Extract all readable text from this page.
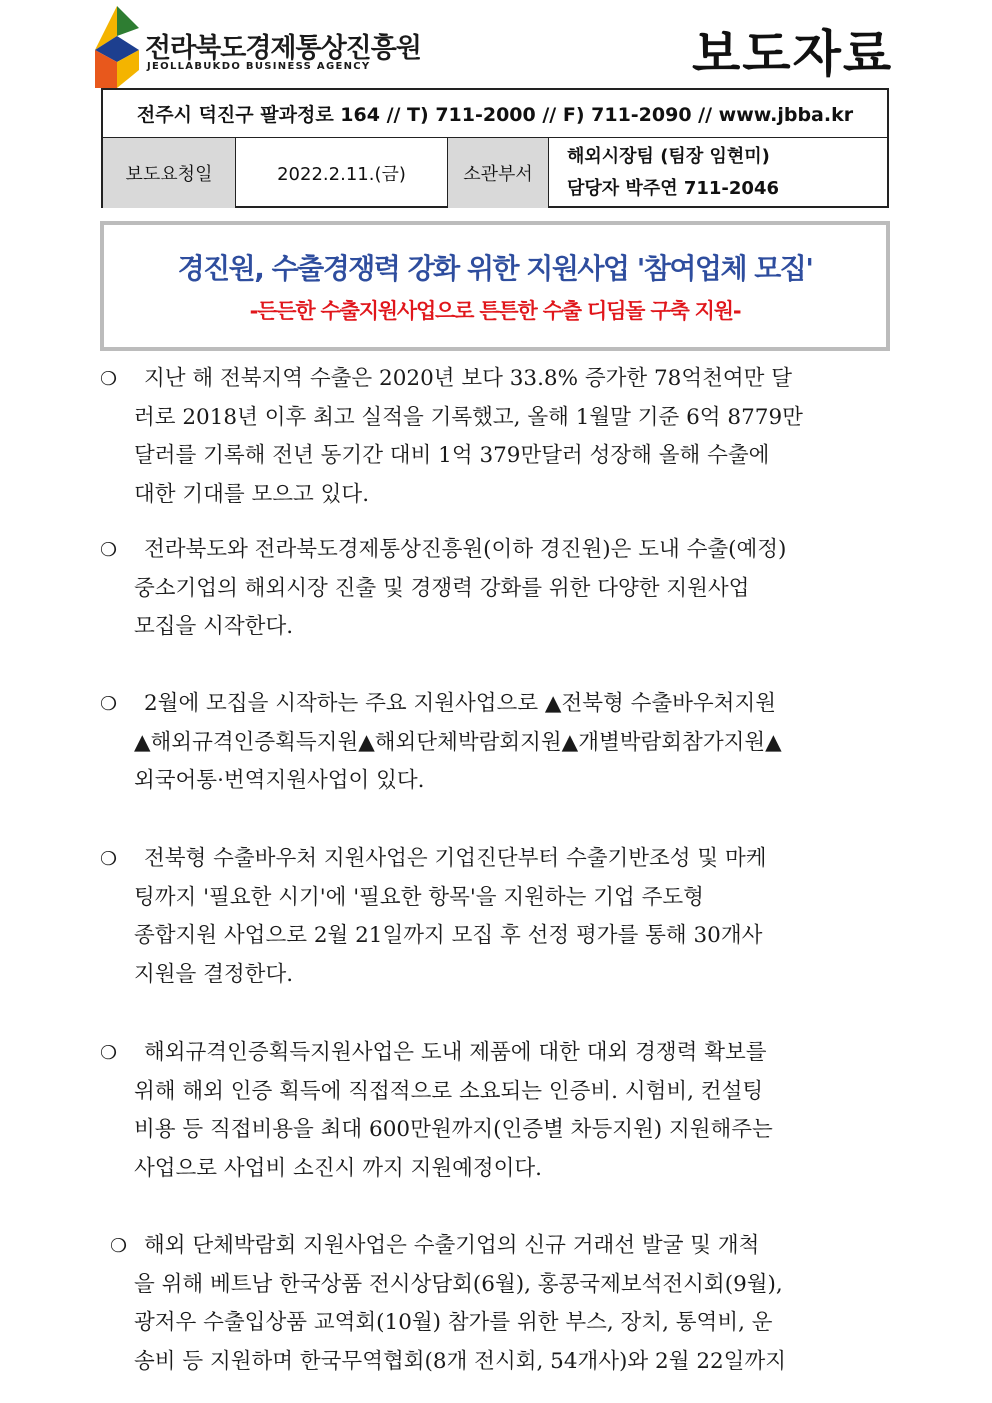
전라북도경제통상진흥원
JEOLLABUKDO BUSINESS AGENCY	보도자료
전주시 덕진구 팔과정로 164 // T) 711-2000 // F) 711-2090 // www.jbba.kr
보도요청일	2022.2.11.(금)	소관부서
해외시장팀 (팀장 임현미)
담당자 박주연 711-2046
경진원, 수출경쟁력 강화 위한 지원사업 '참여업체 모집'
-든든한 수출지원사업으로 튼튼한 수출 디딤돌 구축 지원-
❍	지난 해 전북지역 수출은 2020년 보다 33.8% 증가한 78억천여만 달
러로 2018년 이후 최고 실적을 기록했고, 올해 1월말 기준 6억 8779만
달러를 기록해 전년 동기간 대비 1억 379만달러 성장해 올해 수출에
대한 기대를 모으고 있다.
❍	전라북도와 전라북도경제통상진흥원(이하 경진원)은 도내 수출(예정)
중소기업의 해외시장 진출 및 경쟁력 강화를 위한 다양한 지원사업
모집을 시작한다.
❍	2월에 모집을 시작하는 주요 지원사업으로 ▲전북형 수출바우처지원
▲해외규격인증획득지원▲해외단체박람회지원▲개별박람회참가지원▲
외국어통·번역지원사업이 있다.
❍	전북형 수출바우처 지원사업은 기업진단부터 수출기반조성 및 마케
팅까지 '필요한 시기'에 '필요한 항목'을 지원하는 기업 주도형
종합지원 사업으로 2월 21일까지 모집 후 선정 평가를 통해 30개사
지원을 결정한다.
❍	해외규격인증획득지원사업은 도내 제품에 대한 대외 경쟁력 확보를
위해 해외 인증 획득에 직접적으로 소요되는 인증비. 시험비, 컨설팅
비용 등 직접비용을 최대 600만원까지(인증별 차등지원) 지원해주는
사업으로 사업비 소진시 까지 지원예정이다.
❍ 해외 단체박람회 지원사업은 수출기업의 신규 거래선 발굴 및 개척
을 위해 베트남 한국상품 전시상담회(6월), 홍콩국제보석전시회(9월),
광저우 수출입상품 교역회(10월) 참가를 위한 부스, 장치, 통역비, 운
송비 등 지원하며 한국무역협회(8개 전시회, 54개사)와 2월 22일까지
